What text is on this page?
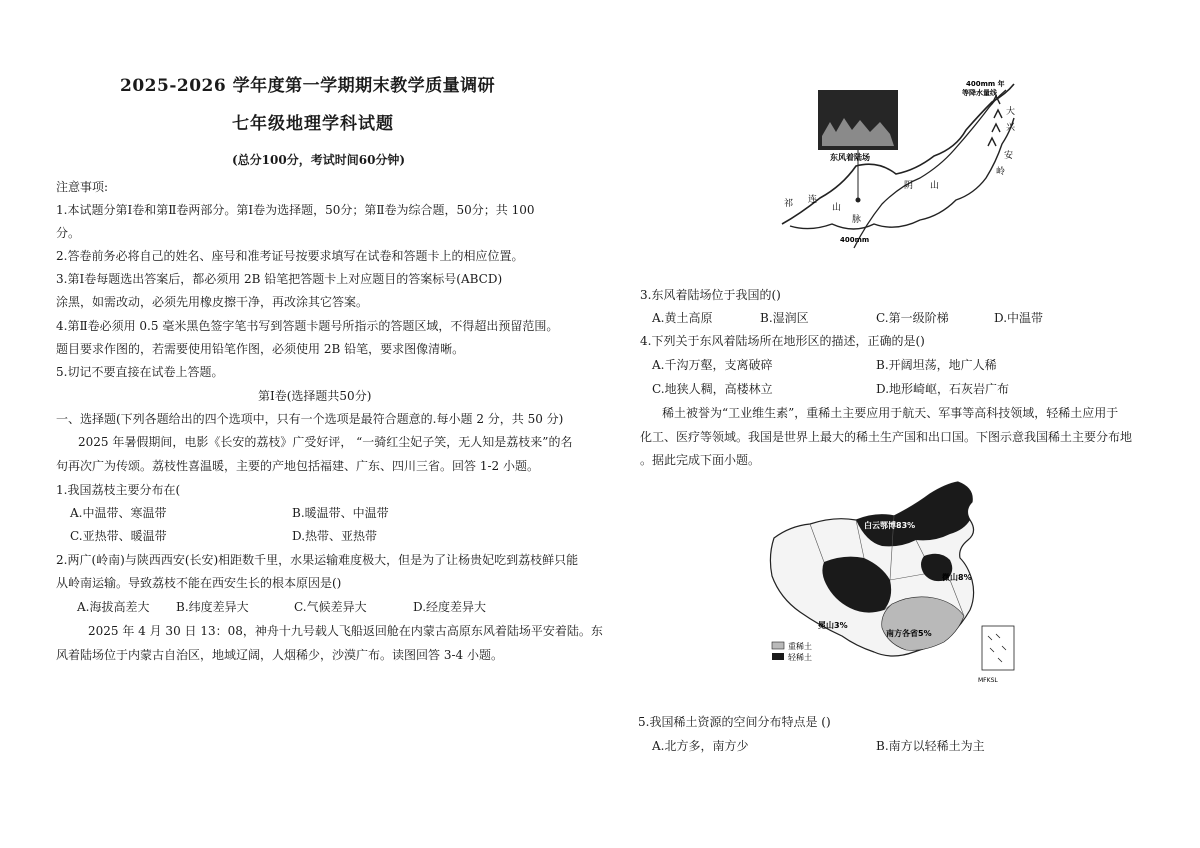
2025-2026 学年度第一学期期末教学质量调研
七年级地理学科试题
(总分100分，考试时间60分钟)
注意事项:
1.本试题分第Ⅰ卷和第Ⅱ卷两部分。第Ⅰ卷为选择题，50分；第Ⅱ卷为综合题，50分；共 100
分。
2.答卷前务必将自己的姓名、座号和准考证号按要求填写在试卷和答题卡上的相应位置。
3.第Ⅰ卷每题选出答案后，都必须用 2B 铅笔把答题卡上对应题目的答案标号(ABCD)
涂黑，如需改动，必须先用橡皮擦干净，再改涂其它答案。
4.第Ⅱ卷必须用 0.5 毫米黑色签字笔书写到答题卡题号所指示的答题区域，不得超出预留范围。
题目要求作图的，若需要使用铅笔作图，必须使用 2B 铅笔，要求图像清晰。
5.切记不要直接在试卷上答题。
第Ⅰ卷(选择题共50分)
一、选择题(下列各题给出的四个选项中，只有一个选项是最符合题意的.每小题 2 分，共 50 分)
2025 年暑假期间，电影《长安的荔枝》广受好评， “一骑红尘妃子笑，无人知是荔枝来”的名
句再次广为传颂。荔枝性喜温暖，主要的产地包括福建、广东、四川三省。回答 1-2 小题。
1.我国荔枝主要分布在(
A.中温带、寒温带	B.暖温带、中温带
C.亚热带、暖温带	D.热带、亚热带
2.两广(岭南)与陕西西安(长安)相距数千里，水果运输难度极大，但是为了让杨贵妃吃到荔枝鲜只能
从岭南运输。导致荔枝不能在西安生长的根本原因是()
A.海拔高差大 B.纬度差异大	C.气候差异大	D.经度差异大
2025 年 4 月 30 日 13：08，神舟十九号载人飞船返回舱在内蒙古高原东风着陆场平安着陆。东
风着陆场位于内蒙古自治区，地域辽阔，人烟稀少，沙漠广布。读图回答 3-4 小题。
400mm 年
等降水量线
东风着陆场
400mm
祁 连
山
脉
阴 山
大
兴
安
岭
3.东风着陆场位于我国的()
A.黄土高原	B.湿润区	C.第一级阶梯	D.中温带
4.下列关于东风着陆场所在地形区的描述，正确的是()
A.千沟万壑，支离破碎	B.开阔坦荡，地广人稀
C.地狭人稠，高楼林立	D.地形崎岖，石灰岩广布
稀土被誉为“工业维生素”，重稀土主要应用于航天、军事等高科技领域，轻稀土应用于
化工、医疗等领域。我国是世界上最大的稀土生产国和出口国。下图示意我国稀土主要分布地
。据此完成下面小题。
白云鄂博83%
微山8%
冕山3%
南方各省5%
重稀土
轻稀土
MFKSL
5.我国稀土资源的空间分布特点是 ()
A.北方多，南方少	B.南方以轻稀土为主
